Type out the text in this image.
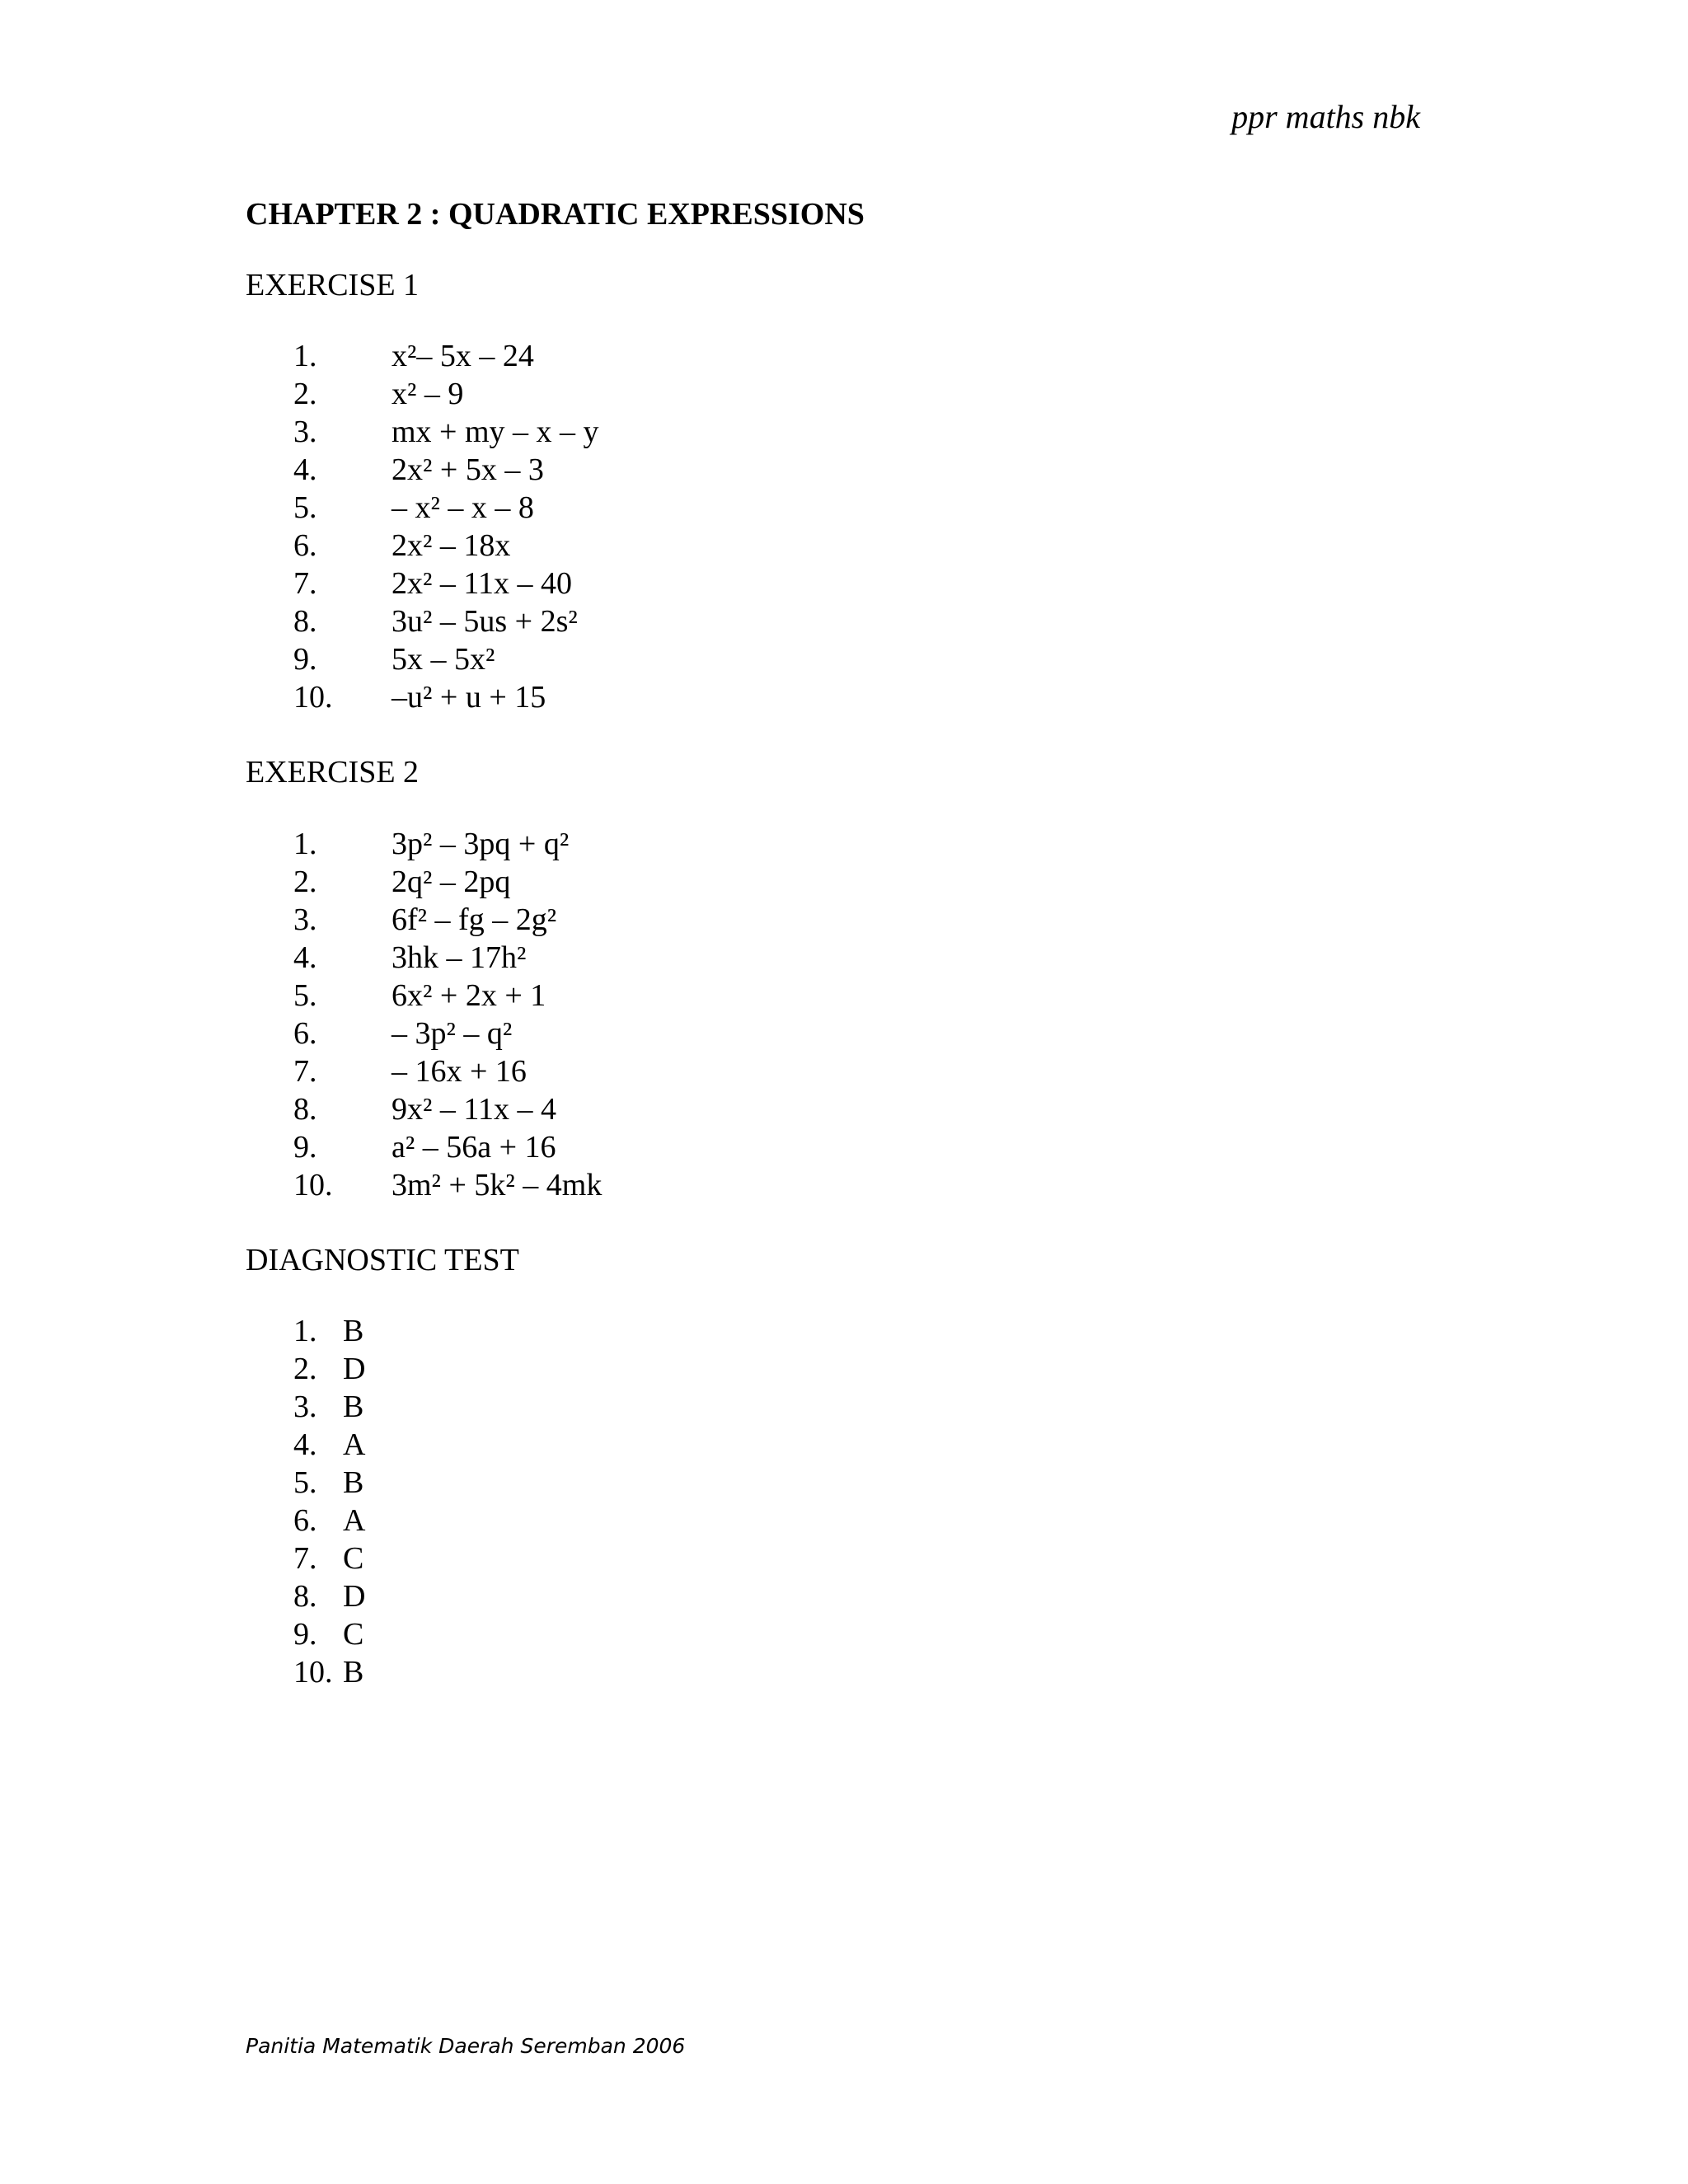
ppr maths nbk
CHAPTER 2 : QUADRATIC EXPRESSIONS
EXERCISE 1
1.	x²– 5x – 24
2.	x² – 9
3.	mx + my – x – y
4.	2x² + 5x – 3
5.	– x² – x – 8
6.	2x² – 18x
7.	2x² – 11x – 40
8.	3u² – 5us + 2s²
9.	5x – 5x²
10.	–u² + u + 15
EXERCISE 2
1.	3p² – 3pq + q²
2.	2q² – 2pq
3.	6f² – fg – 2g²
4.	3hk – 17h²
5.	6x² + 2x + 1
6.	– 3p² – q²
7.	– 16x + 16
8.	9x² – 11x – 4
9.	a² – 56a + 16
10.	3m² + 5k² – 4mk
DIAGNOSTIC TEST
1. B
2. D
3. B
4. A
5. B
6. A
7. C
8. D
9. C
10. B
Panitia Matematik Daerah Seremban 2006
